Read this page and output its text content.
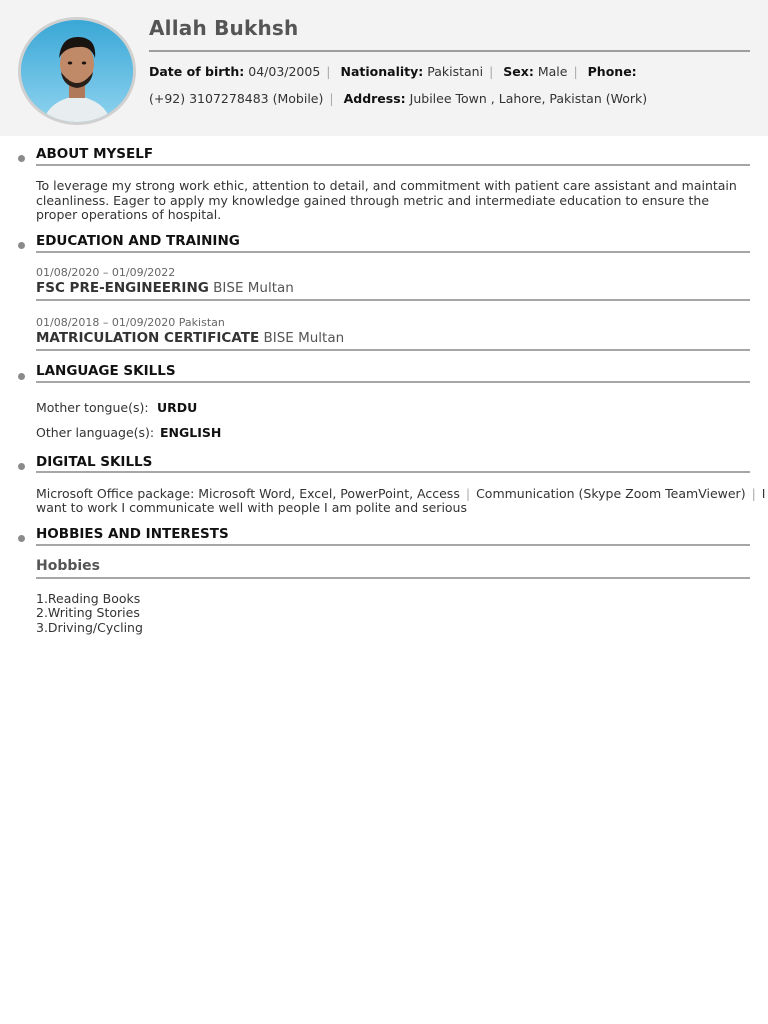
Allah Bukhsh
Date of birth: 04/03/2005 | Nationality: Pakistani | Sex: Male | Phone:
(+92) 3107278483 (Mobile) | Address: Jubilee Town , Lahore, Pakistan (Work)
ABOUT MYSELF
To leverage my strong work ethic, attention to detail, and commitment with patient care assistant and maintain cleanliness. Eager to apply my knowledge gained through metric and intermediate education to ensure the proper operations of hospital.
EDUCATION AND TRAINING
01/08/2020 – 01/09/2022
FSC PRE-ENGINEERING BISE Multan
01/08/2018 – 01/09/2020 Pakistan
MATRICULATION CERTIFICATE BISE Multan
LANGUAGE SKILLS
Mother tongue(s): URDU
Other language(s): ENGLISH
DIGITAL SKILLS
Microsoft Office package: Microsoft Word, Excel, PowerPoint, Access | Communication (Skype Zoom TeamViewer) | I
want to work I communicate well with people I am polite and serious
HOBBIES AND INTERESTS
Hobbies
1.Reading Books
2.Writing Stories
3.Driving/Cycling
